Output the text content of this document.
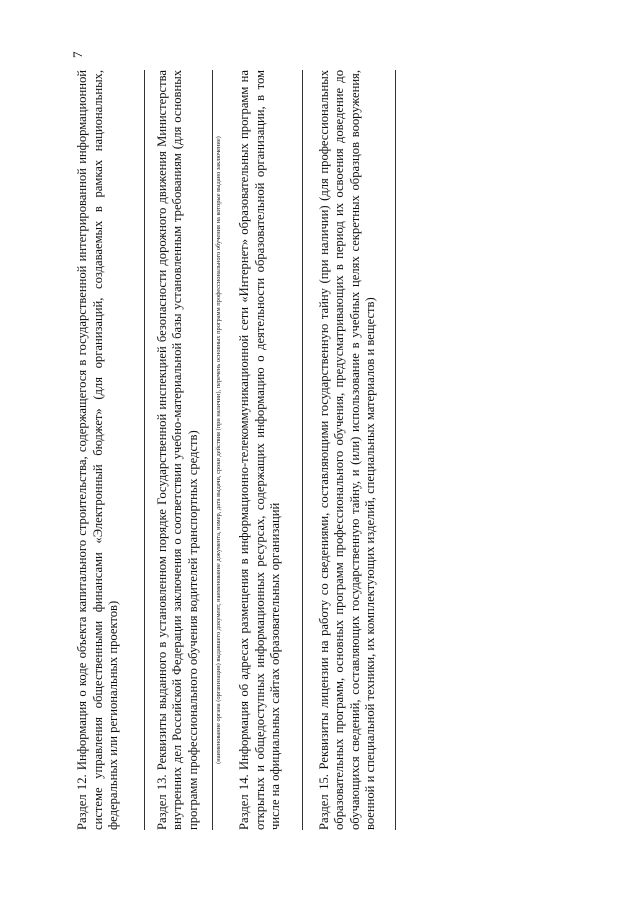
7

Раздел 12. Информация о коде объекта капитального строительства, содержащегося в государственной интегрированной информационной системе управления общественными финансами «Электронный бюджет» (для организаций, создаваемых в рамках национальных, федеральных или региональных проектов)	Раздел 13. Реквизиты выданного в установленном порядке Государственной инспекцией безопасности дорожного движения Министерства внутренних дел Российской Федерации заключения о соответствии учебно-материальной базы установленным требованиям (для основных программ профессионального обучения водителей транспортных средств) (наименование органа (организации) выдавшего документ, наименование документа, номер, дата выдачи, сроки действия (при наличии), перечень основных программ профессионального обучения на которые выдано заключение) Раздел 14. Информация об адресах размещения в информационно-телекоммуникационной сети «Интернет» образовательных программ на открытых и общедоступных информационных ресурсах, содержащих информацию о деятельности образовательной организации, в том числе на официальных сайтах образовательных организаций	Раздел 15. Реквизиты лицензии на работу со сведениями, составляющими государственную тайну (при наличии) (для профессиональных образовательных программ, основных программ профессионального обучения, предусматривающих в период их освоения доведение до обучающихся сведений, составляющих государственную тайну, и (или) использование в учебных целях секретных образцов вооружения, военной и специальной техники, их комплектующих изделий, специальных материалов и веществ)
